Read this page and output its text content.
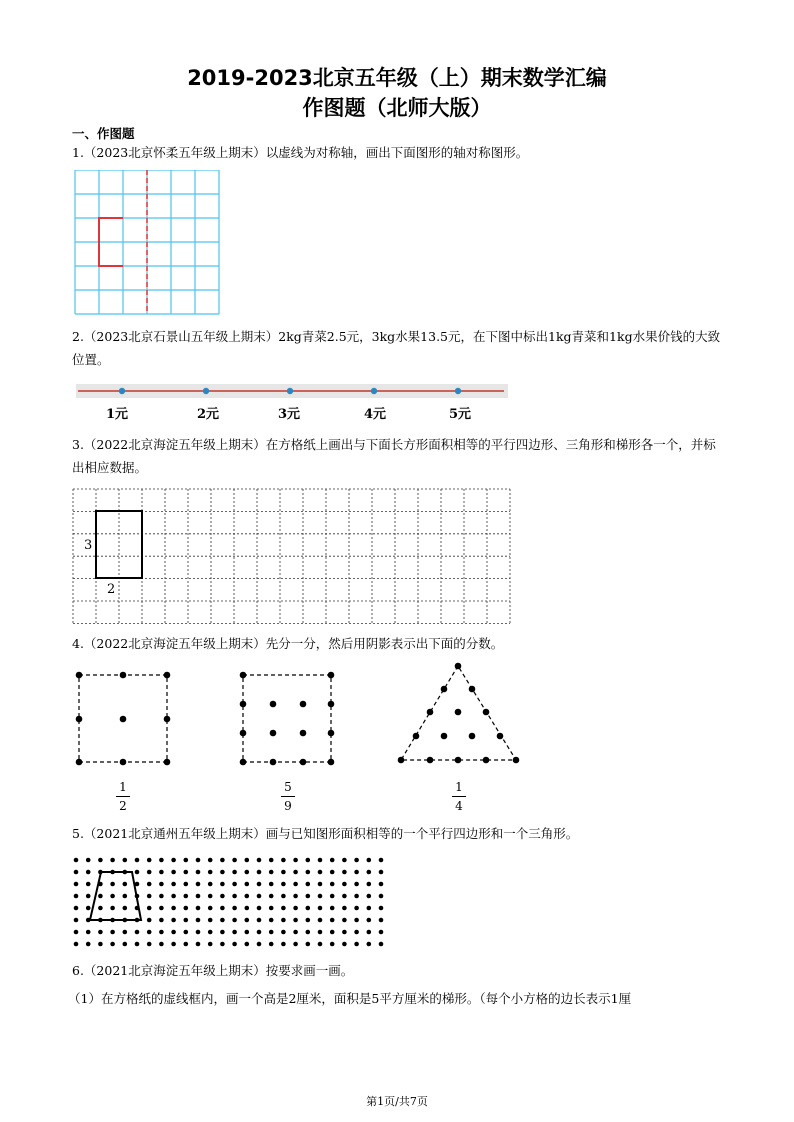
2019-2023北京五年级（上）期末数学汇编
作图题（北师大版）
一、作图题
1.（2023北京怀柔五年级上期末）以虚线为对称轴，画出下面图形的轴对称图形。
2.（2023北京石景山五年级上期末）2kg青菜2.5元，3kg水果13.5元，在下图中标出1kg青菜和1kg水果价钱的大致位置。
1元	2元	3元	4元	5元
3.（2022北京海淀五年级上期末）在方格纸上画出与下面长方形面积相等的平行四边形、三角形和梯形各一个，并标出相应数据。
3
2
4.（2022北京海淀五年级上期末）先分一分，然后用阴影表示出下面的分数。
1
2
5
9
1
4
5.（2021北京通州五年级上期末）画与已知图形面积相等的一个平行四边形和一个三角形。
6.（2021北京海淀五年级上期末）按要求画一画。
（1）在方格纸的虚线框内，画一个高是2厘米，面积是5平方厘米的梯形。（每个小方格的边长表示1厘
第1页/共7页
